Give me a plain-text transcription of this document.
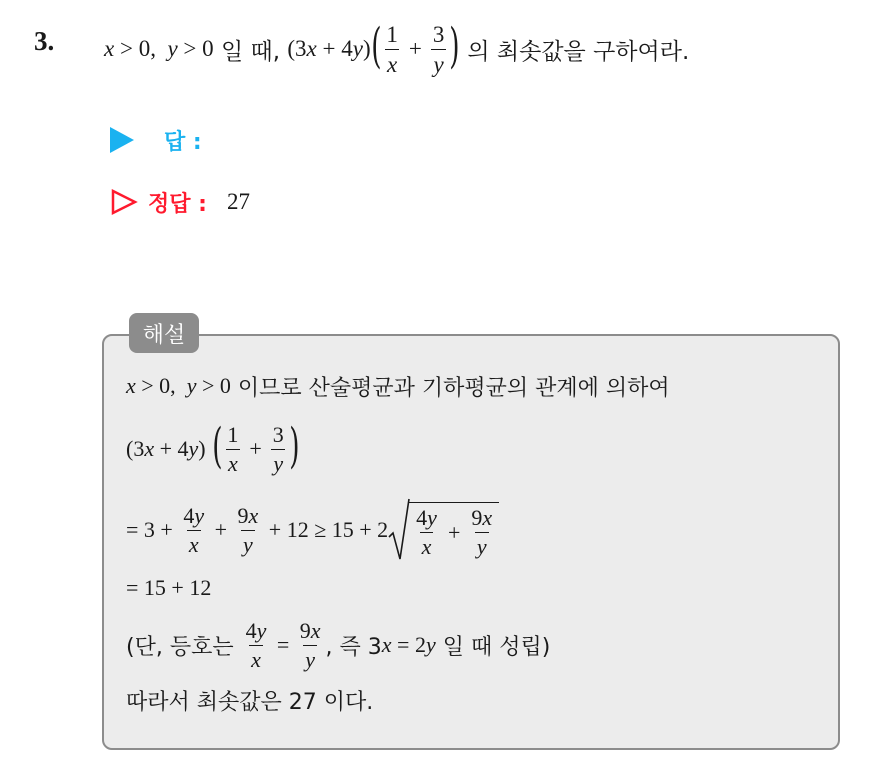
3. x > 0, y > 0 일 때, (3 x + 4 y ) ( $\frac{1}{x} + \frac{3}{y}$ ) 의 최솟값을 구하여라.
답 :
정답 : 27
해설
x > 0, y > 0 이므로 산술평균과 기하평균의 관계에 의하여
(3 x + 4 y ) ( $\frac{1}{x} + \frac{3}{y}$ )
= $3 + \frac{4y}{x} + \frac{9x}{y} + 12 \ge 15 + 2 \frac{4y}{x} + \frac{9x}{y}$
= 15 + 12
(단, 등호는 $\frac{4y}{x} = \frac{9x}{y}$ , 즉 3 x = 2 y 일 때 성립)
따라서 최솟값은 27 이다.
